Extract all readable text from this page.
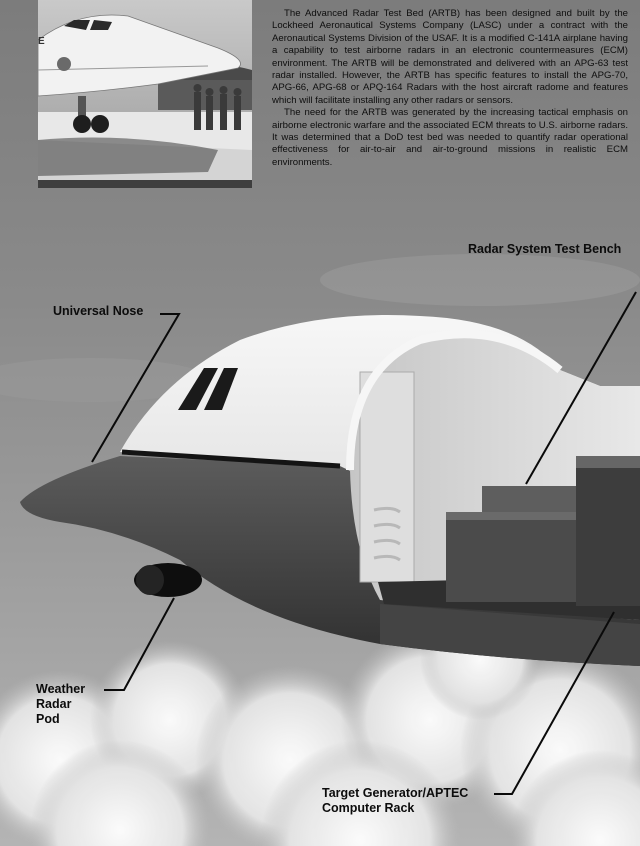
E

The Advanced Radar Test Bed (ARTB) has been designed and built by the Lockheed Aeronautical Systems Company (LASC) under a contract with the Aeronautical Systems Division of the USAF. It is a modified C-141A airplane having a capability to test airborne radars in an electronic countermeasures (ECM) environment. The ARTB will be demonstrated and delivered with an APG-63 test radar installed. However, the ARTB has specific features to install the APG-70, APG-66, APG-68 or APQ-164 Radars with the host aircraft radome and features which will facilitate installing any other radars or sensors.

The need for the ARTB was generated by the increasing tactical emphasis on airborne electronic warfare and the associated ECM threats to U.S. airborne radars. It was determined that a DoD test bed was needed to quantify radar operational effectiveness for air-to-air and air-to-ground missions in realistic ECM environments.

Radar System Test Bench
Universal Nose
Weather
Radar
Pod
Target Generator/APTEC
Computer Rack
